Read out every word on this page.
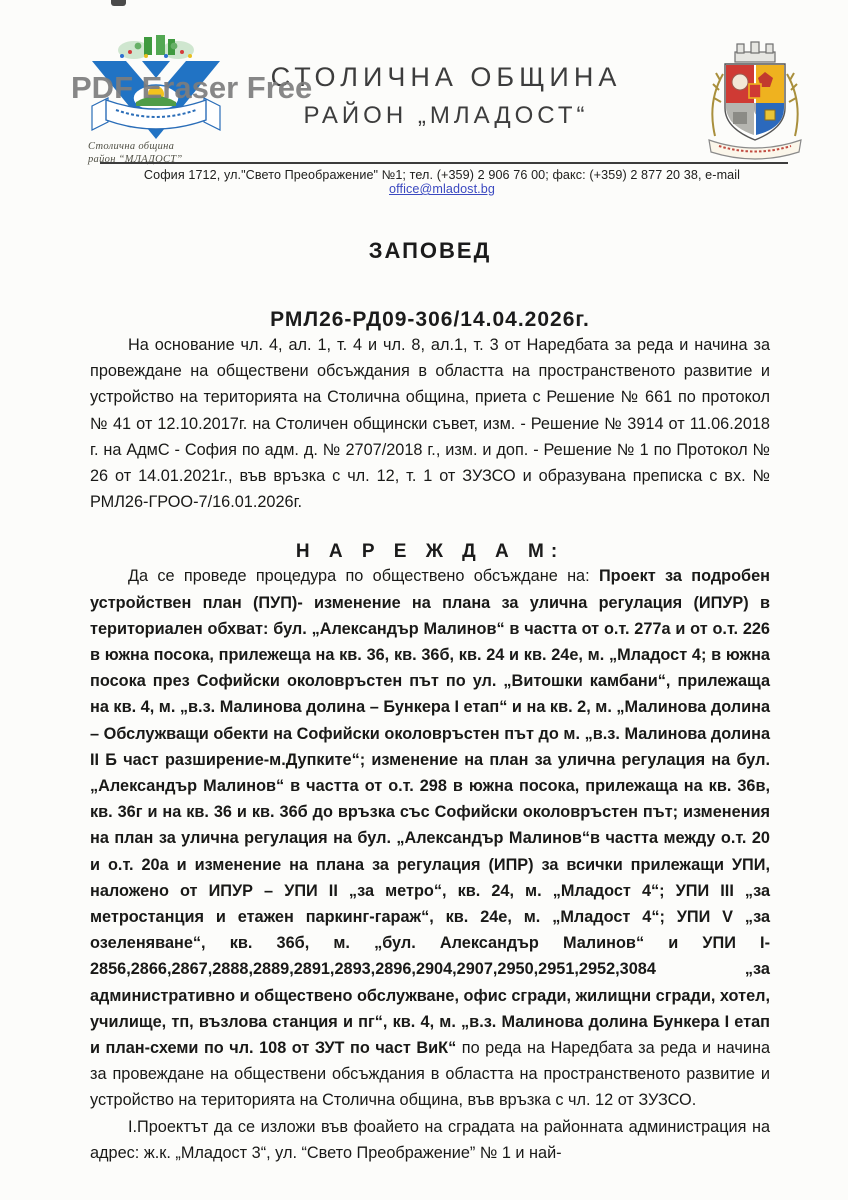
Столична община
район “МЛАДОСТ”
СТОЛИЧНА ОБЩИНА
РАЙОН „МЛАДОСТ“
PDF Eraser Free
София 1712, ул."Свето Преображение" №1; тел. (+359) 2 906 76 00; факс: (+359) 2 877 20 38, e-mail office@mladost.bg
ЗАПОВЕД
РМЛ26-РД09-306/14.04.2026г.

На основание чл. 4, ал. 1, т. 4 и чл. 8, ал.1, т. 3 от Наредбата за реда и начина за провеждане на обществени обсъждания в областта на пространственото развитие и устройство на територията на Столична община, приета с Решение № 661 по протокол № 41 от 12.10.2017г. на Столичен общински съвет, изм. - Решение № 3914 от 11.06.2018 г. на АдмС - София по адм. д. № 2707/2018 г., изм. и доп. - Решение № 1 по Протокол № 26 от 14.01.2021г., във връзка с чл. 12, т. 1 от ЗУЗСО и образувана преписка с вх. № РМЛ26-ГРОО-7/16.01.2026г.

Н А Р Е Ж Д А М:

Да се проведе процедура по обществено обсъждане на: Проект за подробен устройствен план (ПУП)- изменение на плана за улична регулация (ИПУР) в териториален обхват: бул. „Александър Малинов“ в частта от о.т. 277а и от о.т. 226 в южна посока, прилежеща на кв. 36, кв. 36б, кв. 24 и кв. 24е, м. „Младост 4; в южна посока през Софийски околовръстен път по ул. „Витошки камбани“, прилежаща на кв. 4, м. „в.з. Малинова долина – Бункера I етап“ и на кв. 2, м. „Малинова долина – Обслужващи обекти на Софийски околовръстен път до м. „в.з. Малинова долина II Б част разширение-м.Дупките“; изменение на план за улична регулация на бул. „Александър Малинов“ в частта от о.т. 298 в южна посока, прилежаща на кв. 36в, кв. 36г и на кв. 36 и кв. 36б до връзка със Софийски околовръстен път; изменения на план за улична регулация на бул. „Александър Малинов“в частта между о.т. 20 и о.т. 20а и изменение на плана за регулация (ИПР) за всички прилежащи УПИ, наложено от ИПУР – УПИ II „за метро“, кв. 24, м. „Младост 4“; УПИ III „за метростанция и етажен паркинг-гараж“, кв. 24е, м. „Младост 4“; УПИ V „за озеленяване“, кв. 36б, м. „бул. Александър Малинов“ и УПИ I-2856,2866,2867,2888,2889,2891,2893,2896,2904,2907,2950,2951,2952,3084 „за административно и обществено обслужване, офис сгради, жилищни сгради, хотел, училище, тп, възлова станция и пг“, кв. 4, м. „в.з. Малинова долина Бункера I етап и план-схеми по чл. 108 от ЗУТ по част ВиК“ по реда на Наредбата за реда и начина за провеждане на обществени обсъждания в областта на пространственото развитие и устройство на територията на Столична община, във връзка с чл. 12 от ЗУЗСО.

I.Проектът да се изложи във фоайето на сградата на районната администрация на адрес: ж.к. „Младост 3“, ул. “Свето Преображение” № 1 и най-
